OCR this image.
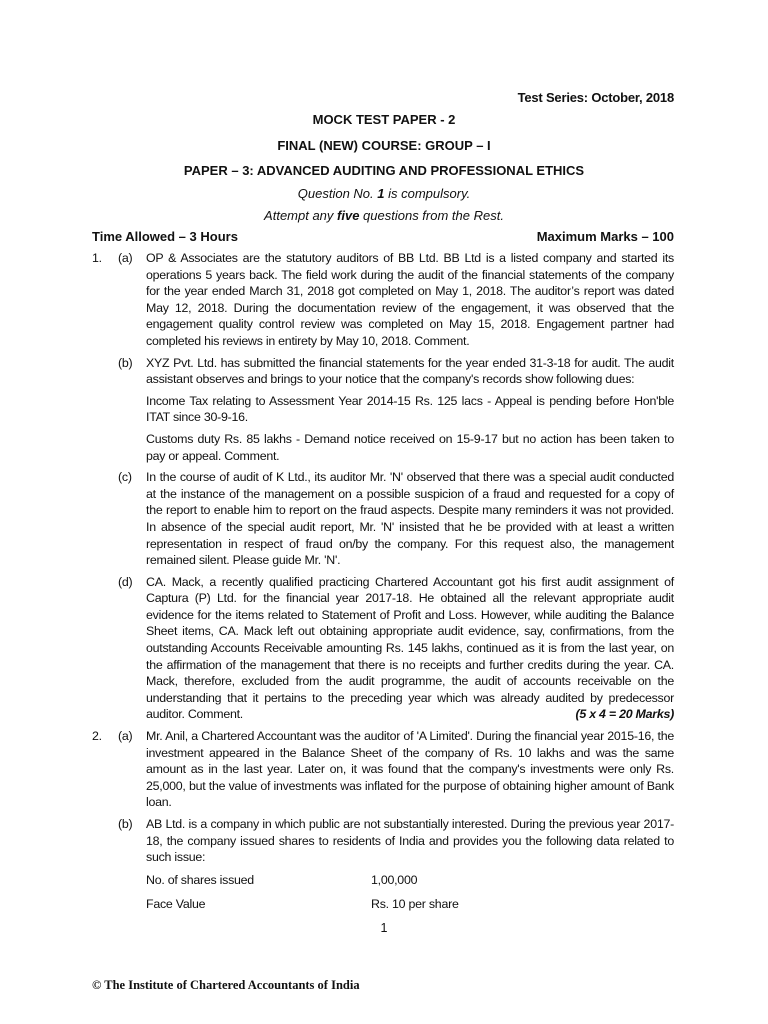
Test Series: October, 2018
MOCK TEST PAPER - 2
FINAL (NEW) COURSE: GROUP – I
PAPER – 3: ADVANCED AUDITING AND PROFESSIONAL ETHICS
Question No. 1 is compulsory.
Attempt any five questions from the Rest.
Time Allowed – 3 Hours	Maximum Marks – 100
1. (a) OP & Associates are the statutory auditors of BB Ltd. BB Ltd is a listed company and started its operations 5 years back. The field work during the audit of the financial statements of the company for the year ended March 31, 2018 got completed on May 1, 2018. The auditor’s report was dated May 12, 2018. During the documentation review of the engagement, it was observed that the engagement quality control review was completed on May 15, 2018. Engagement partner had completed his reviews in entirety by May 10, 2018. Comment.
(b) XYZ Pvt. Ltd. has submitted the financial statements for the year ended 31-3-18 for audit. The audit assistant observes and brings to your notice that the company's records show following dues:
Income Tax relating to Assessment Year 2014-15 Rs. 125 lacs - Appeal is pending before Hon'ble ITAT since 30-9-16.
Customs duty Rs. 85 lakhs - Demand notice received on 15-9-17 but no action has been taken to pay or appeal. Comment.
(c) In the course of audit of K Ltd., its auditor Mr. 'N' observed that there was a special audit conducted at the instance of the management on a possible suspicion of a fraud and requested for a copy of the report to enable him to report on the fraud aspects. Despite many reminders it was not provided. In absence of the special audit report, Mr. 'N' insisted that he be provided with at least a written representation in respect of fraud on/by the company. For this request also, the management remained silent. Please guide Mr. 'N'.
(d) CA. Mack, a recently qualified practicing Chartered Accountant got his first audit assignment of Captura (P) Ltd. for the financial year 2017-18. He obtained all the relevant appropriate audit evidence for the items related to Statement of Profit and Loss. However, while auditing the Balance Sheet items, CA. Mack left out obtaining appropriate audit evidence, say, confirmations, from the outstanding Accounts Receivable amounting Rs. 145 lakhs, continued as it is from the last year, on the affirmation of the management that there is no receipts and further credits during the year. CA. Mack, therefore, excluded from the audit programme, the audit of accounts receivable on the understanding that it pertains to the preceding year which was already audited by predecessor
auditor. Comment.	(5 x 4 = 20 Marks)
2. (a) Mr. Anil, a Chartered Accountant was the auditor of 'A Limited'. During the financial year 2015-16, the investment appeared in the Balance Sheet of the company of Rs. 10 lakhs and was the same amount as in the last year. Later on, it was found that the company's investments were only Rs. 25,000, but the value of investments was inflated for the purpose of obtaining higher amount of Bank loan.
(b) AB Ltd. is a company in which public are not substantially interested. During the previous year 2017-18, the company issued shares to residents of India and provides you the following data related to such issue:
No. of shares issued	1,00,000
Face Value	Rs. 10 per share
1
© The Institute of Chartered Accountants of India
